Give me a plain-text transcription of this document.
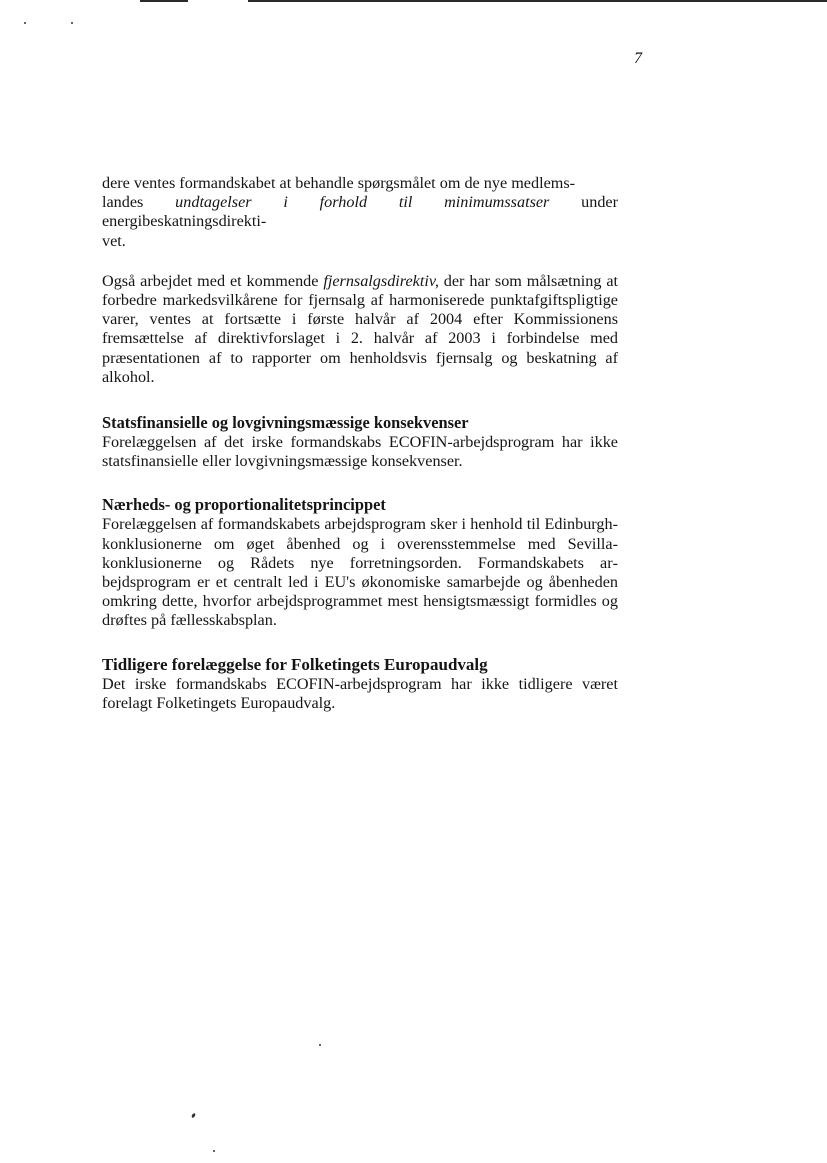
7

dere ventes formandskabet at behandle spørgsmålet om de nye medlems-
landes undtagelser i forhold til minimumssatser under energibeskatningsdirekti-
vet.

Også arbejdet med et kommende fjernsalgsdirektiv, der har som målsætning at forbedre markedsvilkårene for fjernsalg af harmoniserede punktafgiftspligtige varer, ventes at fortsætte i første halvår af 2004 efter Kommissionens fremsættelse af direktivforslaget i 2. halvår af 2003 i forbindelse med præsentationen af to rapporter om henholdsvis fjernsalg og beskatning af alkohol.

Statsfinansielle og lovgivningsmæssige konsekvenser

Forelæggelsen af det irske formandskabs ECOFIN-arbejdsprogram har ikke statsfinansielle eller lovgivningsmæssige konsekvenser.

Nærheds- og proportionalitetsprincippet

Forelæggelsen af formandskabets arbejdsprogram sker i henhold til Edinburgh-konklusionerne om øget åbenhed og i overensstemmelse med Sevilla-konklusionerne og Rådets nye forretningsorden. Formandskabets arbejdsprogram er et centralt led i EU's økonomiske samarbejde og åbenheden omkring dette, hvorfor arbejdsprogrammet mest hensigtsmæssigt formidles og drøftes på fællesskabsplan.

Tidligere forelæggelse for Folketingets Europaudvalg

Det irske formandskabs ECOFIN-arbejdsprogram har ikke tidligere været forelagt Folketingets Europaudvalg.
